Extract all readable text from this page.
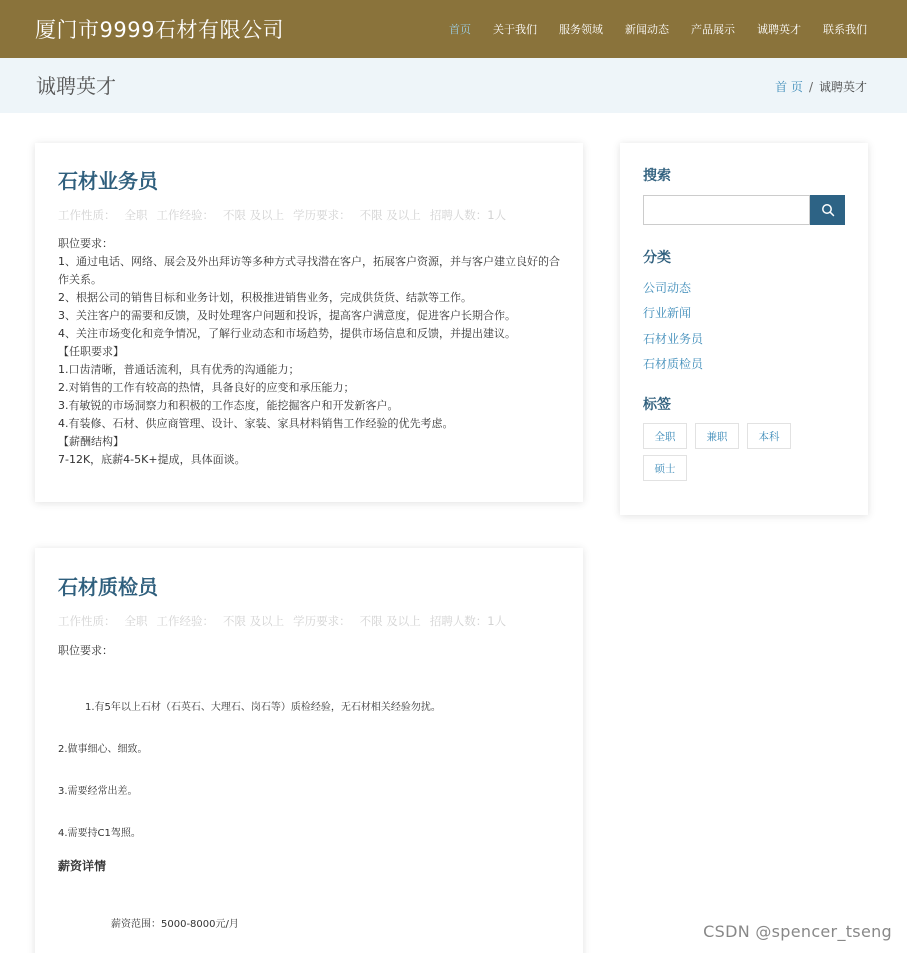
厦门市9999石材有限公司	首页 关于我们 服务领域 新闻动态 产品展示 诚聘英才 联系我们
诚聘英才	首 页 / 诚聘英才
石材业务员
工作性质： 全职 工作经验： 不限 及以上 学历要求： 不限 及以上 招聘人数：1人
职位要求：
1、通过电话、网络、展会及外出拜访等多种方式寻找潜在客户，拓展客户资源，并与客户建立良好的合作关系。
2、根据公司的销售目标和业务计划，积极推进销售业务，完成供货货、结款等工作。
3、关注客户的需要和反馈，及时处理客户问题和投诉，提高客户满意度，促进客户长期合作。
4、关注市场变化和竞争情况，了解行业动态和市场趋势，提供市场信息和反馈，并提出建议。
【任职要求】
1.口齿清晰，普通话流利，具有优秀的沟通能力；
2.对销售的工作有较高的热情，具备良好的应变和承压能力；
3.有敏锐的市场洞察力和积极的工作态度，能挖掘客户和开发新客户。
4.有装修、石材、供应商管理、设计、家装、家具材料销售工作经验的优先考虑。
【薪酬结构】
7-12K，底薪4-5K+提成，具体面谈。
石材质检员
工作性质： 全职 工作经验： 不限 及以上 学历要求： 不限 及以上 招聘人数：1人
职位要求：
1.有5年以上石材（石英石、大理石、岗石等）质检经验，无石材相关经验勿扰。
2.做事细心、细致。
3.需要经常出差。
4.需要持C1驾照。
薪资详情
薪资范围：5000-8000元/月
搜索
分类
公司动态
行业新闻
石材业务员
石材质检员
标签
全职	兼职	本科
硕士
CSDN @spencer_tseng
